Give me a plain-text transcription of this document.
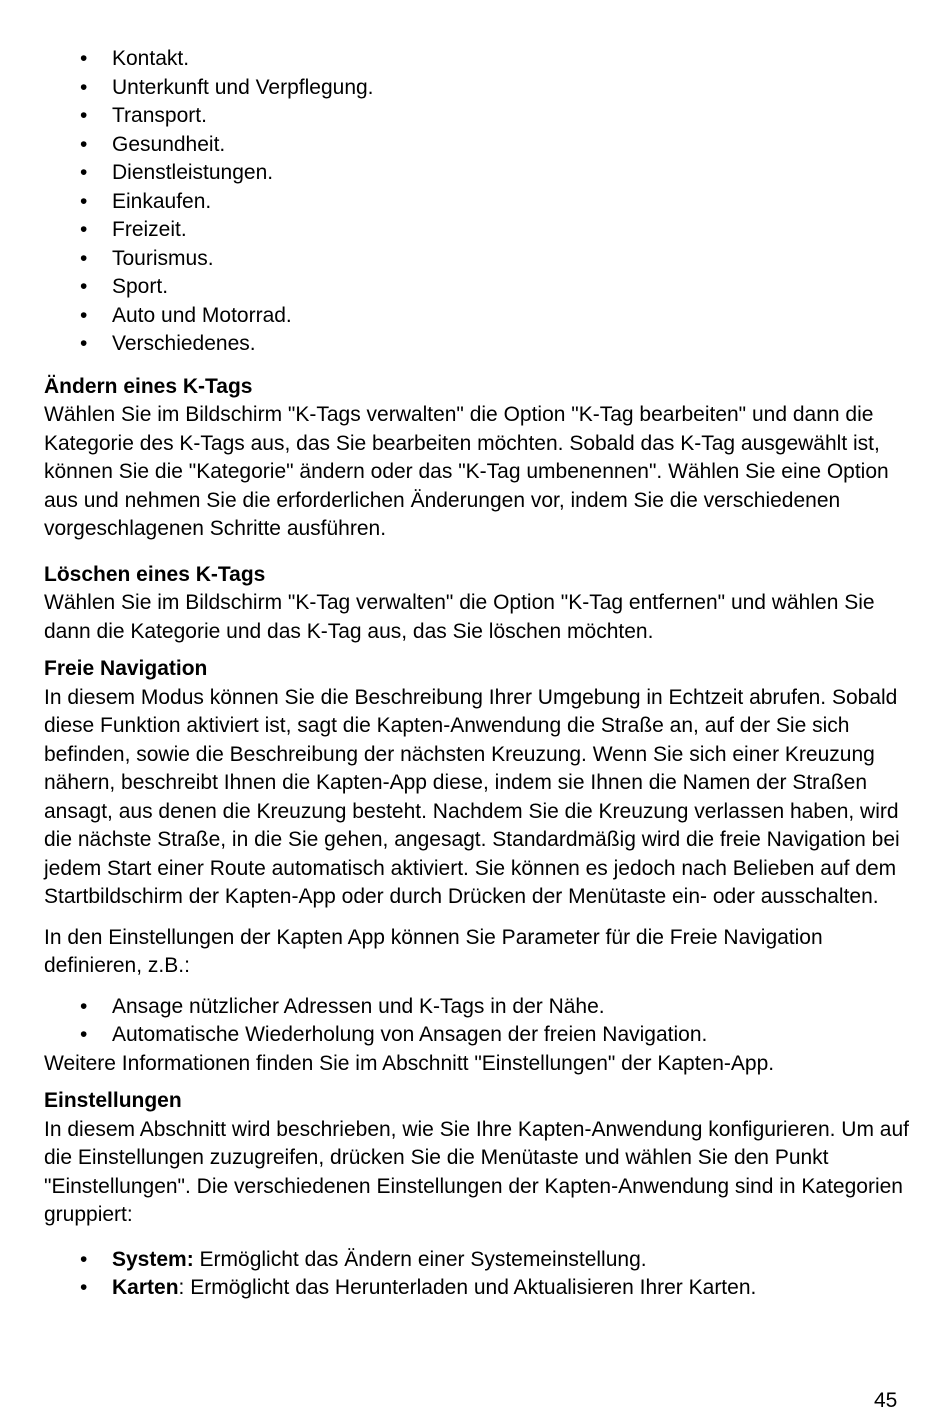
• Kontakt.
• Unterkunft und Verpflegung.
• Transport.
• Gesundheit.
• Dienstleistungen.
• Einkaufen.
• Freizeit.
• Tourismus.
• Sport.
• Auto und Motorrad.
• Verschiedenes.
Ändern eines K-Tags
Wählen Sie im Bildschirm "K-Tags verwalten" die Option "K-Tag bearbeiten" und dann die Kategorie des K-Tags aus, das Sie bearbeiten möchten. Sobald das K-Tag ausgewählt ist, können Sie die "Kategorie" ändern oder das "K-Tag umbenennen". Wählen Sie eine Option aus und nehmen Sie die erforderlichen Änderungen vor, indem Sie die verschiedenen vorgeschlagenen Schritte ausführen.
Löschen eines K-Tags
Wählen Sie im Bildschirm "K-Tag verwalten" die Option "K-Tag entfernen" und wählen Sie dann die Kategorie und das K-Tag aus, das Sie löschen möchten.
Freie Navigation
In diesem Modus können Sie die Beschreibung Ihrer Umgebung in Echtzeit abrufen. Sobald diese Funktion aktiviert ist, sagt die Kapten-Anwendung die Straße an, auf der Sie sich befinden, sowie die Beschreibung der nächsten Kreuzung. Wenn Sie sich einer Kreuzung nähern, beschreibt Ihnen die Kapten-App diese, indem sie Ihnen die Namen der Straßen ansagt, aus denen die Kreuzung besteht. Nachdem Sie die Kreuzung verlassen haben, wird die nächste Straße, in die Sie gehen, angesagt. Standardmäßig wird die freie Navigation bei jedem Start einer Route automatisch aktiviert. Sie können es jedoch nach Belieben auf dem Startbildschirm der Kapten-App oder durch Drücken der Menütaste ein- oder ausschalten.
In den Einstellungen der Kapten App können Sie Parameter für die Freie Navigation definieren, z.B.:
• Ansage nützlicher Adressen und K-Tags in der Nähe.
• Automatische Wiederholung von Ansagen der freien Navigation.
Weitere Informationen finden Sie im Abschnitt "Einstellungen" der Kapten-App.
Einstellungen
In diesem Abschnitt wird beschrieben, wie Sie Ihre Kapten-Anwendung konfigurieren. Um auf die Einstellungen zuzugreifen, drücken Sie die Menütaste und wählen Sie den Punkt "Einstellungen". Die verschiedenen Einstellungen der Kapten-Anwendung sind in Kategorien gruppiert:
• System: Ermöglicht das Ändern einer Systemeinstellung.
• Karten: Ermöglicht das Herunterladen und Aktualisieren Ihrer Karten.
45
